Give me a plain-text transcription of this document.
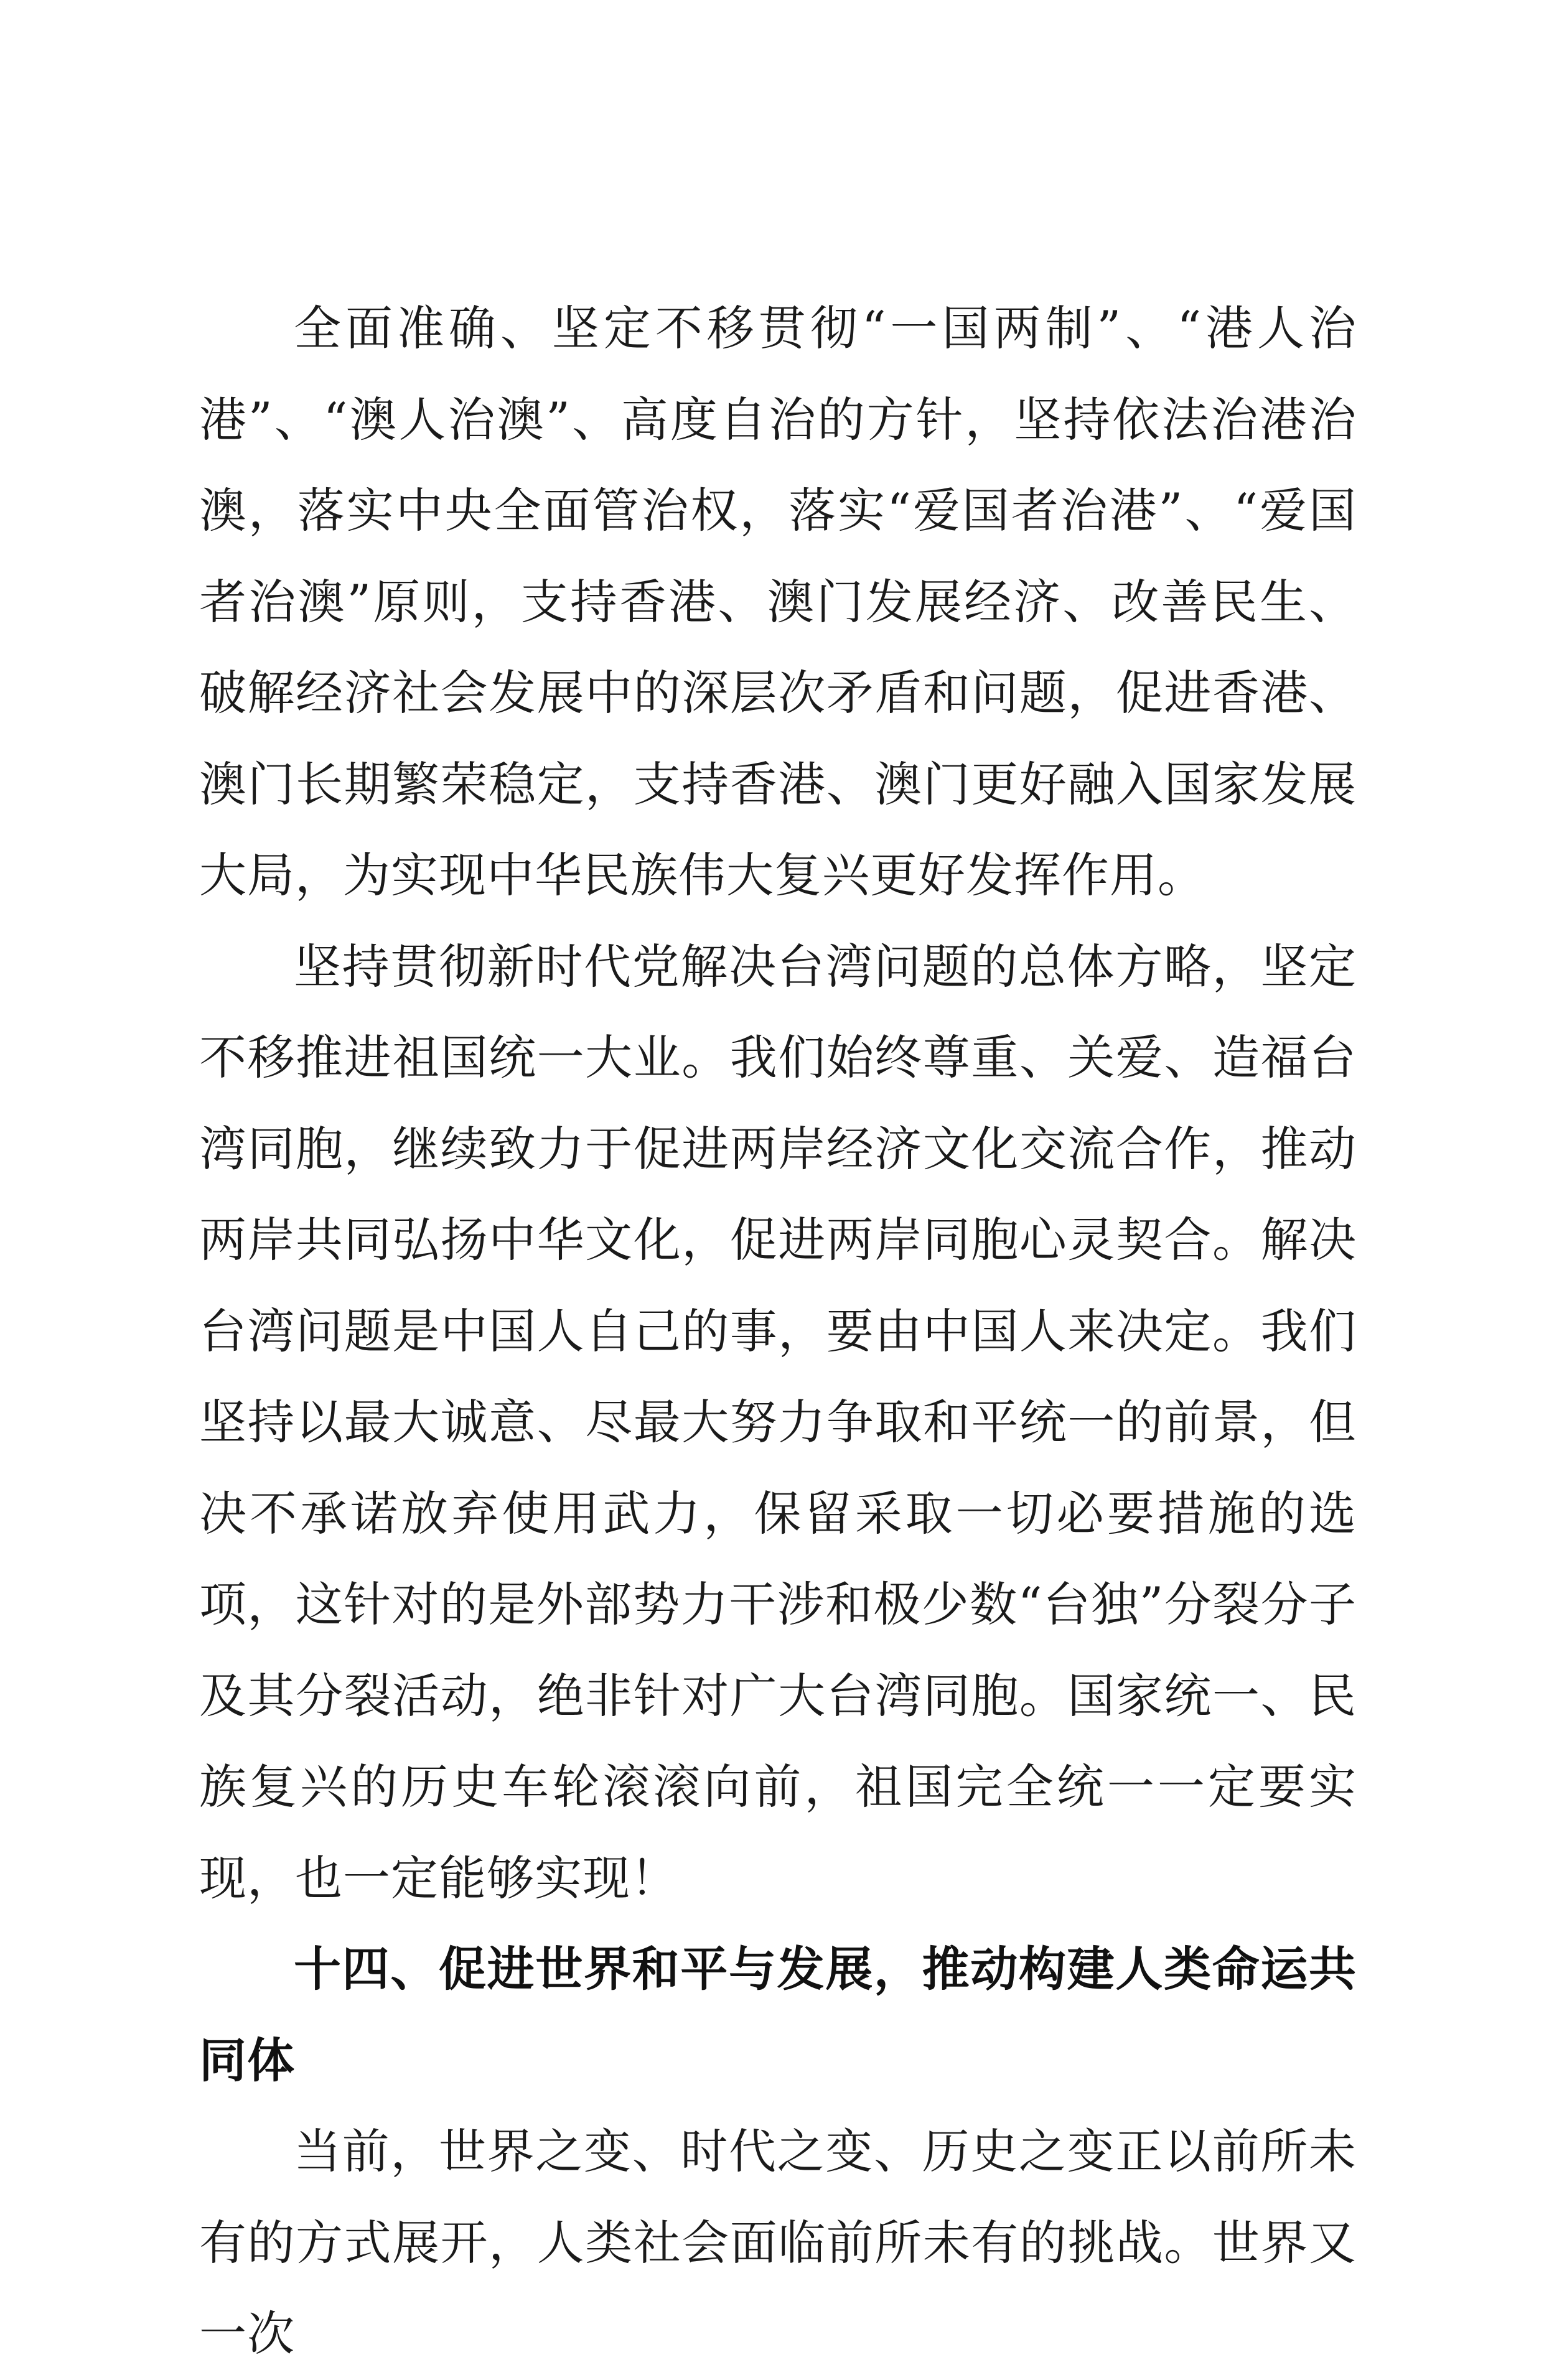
全面准确、坚定不移贯彻“一国两制”、“港人治港”、“澳人治澳”、高度自治的方针，坚持依法治港治澳，落实中央全面管治权，落实“爱国者治港”、“爱国者治澳”原则，支持香港、澳门发展经济、改善民生、破解经济社会发展中的深层次矛盾和问题，促进香港、澳门长期繁荣稳定，支持香港、澳门更好融入国家发展大局，为实现中华民族伟大复兴更好发挥作用。

坚持贯彻新时代党解决台湾问题的总体方略，坚定不移推进祖国统一大业。我们始终尊重、关爱、造福台湾同胞，继续致力于促进两岸经济文化交流合作，推动两岸共同弘扬中华文化，促进两岸同胞心灵契合。解决台湾问题是中国人自己的事，要由中国人来决定。我们坚持以最大诚意、尽最大努力争取和平统一的前景，但决不承诺放弃使用武力，保留采取一切必要措施的选项，这针对的是外部势力干涉和极少数“台独”分裂分子及其分裂活动，绝非针对广大台湾同胞。国家统一、民族复兴的历史车轮滚滚向前，祖国完全统一一定要实现，也一定能够实现！

十四、促进世界和平与发展，推动构建人类命运共同体

当前，世界之变、时代之变、历史之变正以前所未有的方式展开，人类社会面临前所未有的挑战。世界又一次
